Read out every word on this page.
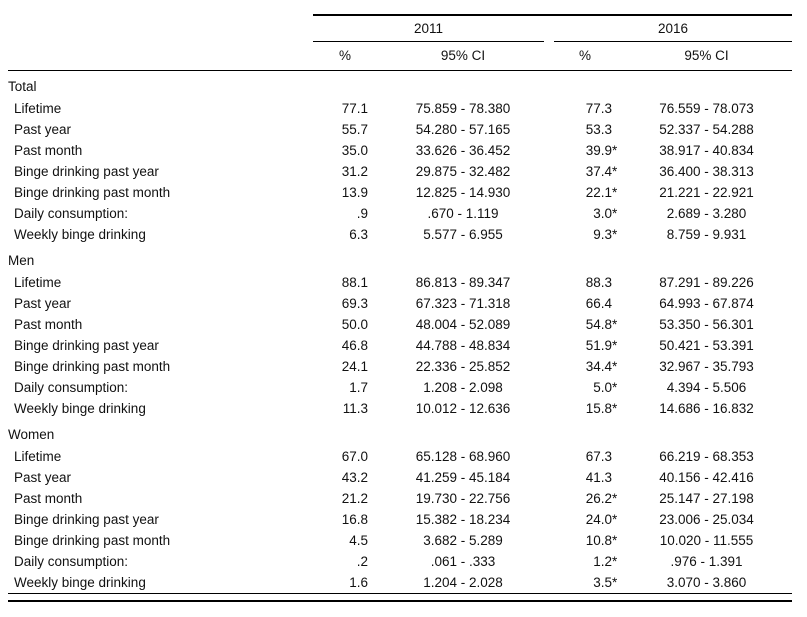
	2011		2016	

	%	95% CI	%	95% CI
Total				
Lifetime	77.1	75.859 - 78.380	77.3	76.559 - 78.073
Past year	55.7	54.280 - 57.165	53.3	52.337 - 54.288
Past month	35.0	33.626 - 36.452	39.9*	38.917 - 40.834
Binge drinking past year	31.2	29.875 - 32.482	37.4*	36.400 - 38.313
Binge drinking past month	13.9	12.825 - 14.930	22.1*	21.221 - 22.921
Daily consumption:	.9	.670 - 1.119	3.0*	2.689 - 3.280
Weekly binge drinking	6.3	5.577 - 6.955	9.3*	8.759 - 9.931
Men				
Lifetime	88.1	86.813 - 89.347	88.3	87.291 - 89.226
Past year	69.3	67.323 - 71.318	66.4	64.993 - 67.874
Past month	50.0	48.004 - 52.089	54.8*	53.350 - 56.301
Binge drinking past year	46.8	44.788 - 48.834	51.9*	50.421 - 53.391
Binge drinking past month	24.1	22.336 - 25.852	34.4*	32.967 - 35.793
Daily consumption:	1.7	1.208 - 2.098	5.0*	4.394 - 5.506
Weekly binge drinking	11.3	10.012 - 12.636	15.8*	14.686 - 16.832
Women				
Lifetime	67.0	65.128 - 68.960	67.3	66.219 - 68.353
Past year	43.2	41.259 - 45.184	41.3	40.156 - 42.416
Past month	21.2	19.730 - 22.756	26.2*	25.147 - 27.198
Binge drinking past year	16.8	15.382 - 18.234	24.0*	23.006 - 25.034
Binge drinking past month	4.5	3.682 - 5.289	10.8*	10.020 - 11.555
Daily consumption:	.2	.061 - .333	1.2*	.976 - 1.391
Weekly binge drinking	1.6	1.204 - 2.028	3.5*	3.070 - 3.860
